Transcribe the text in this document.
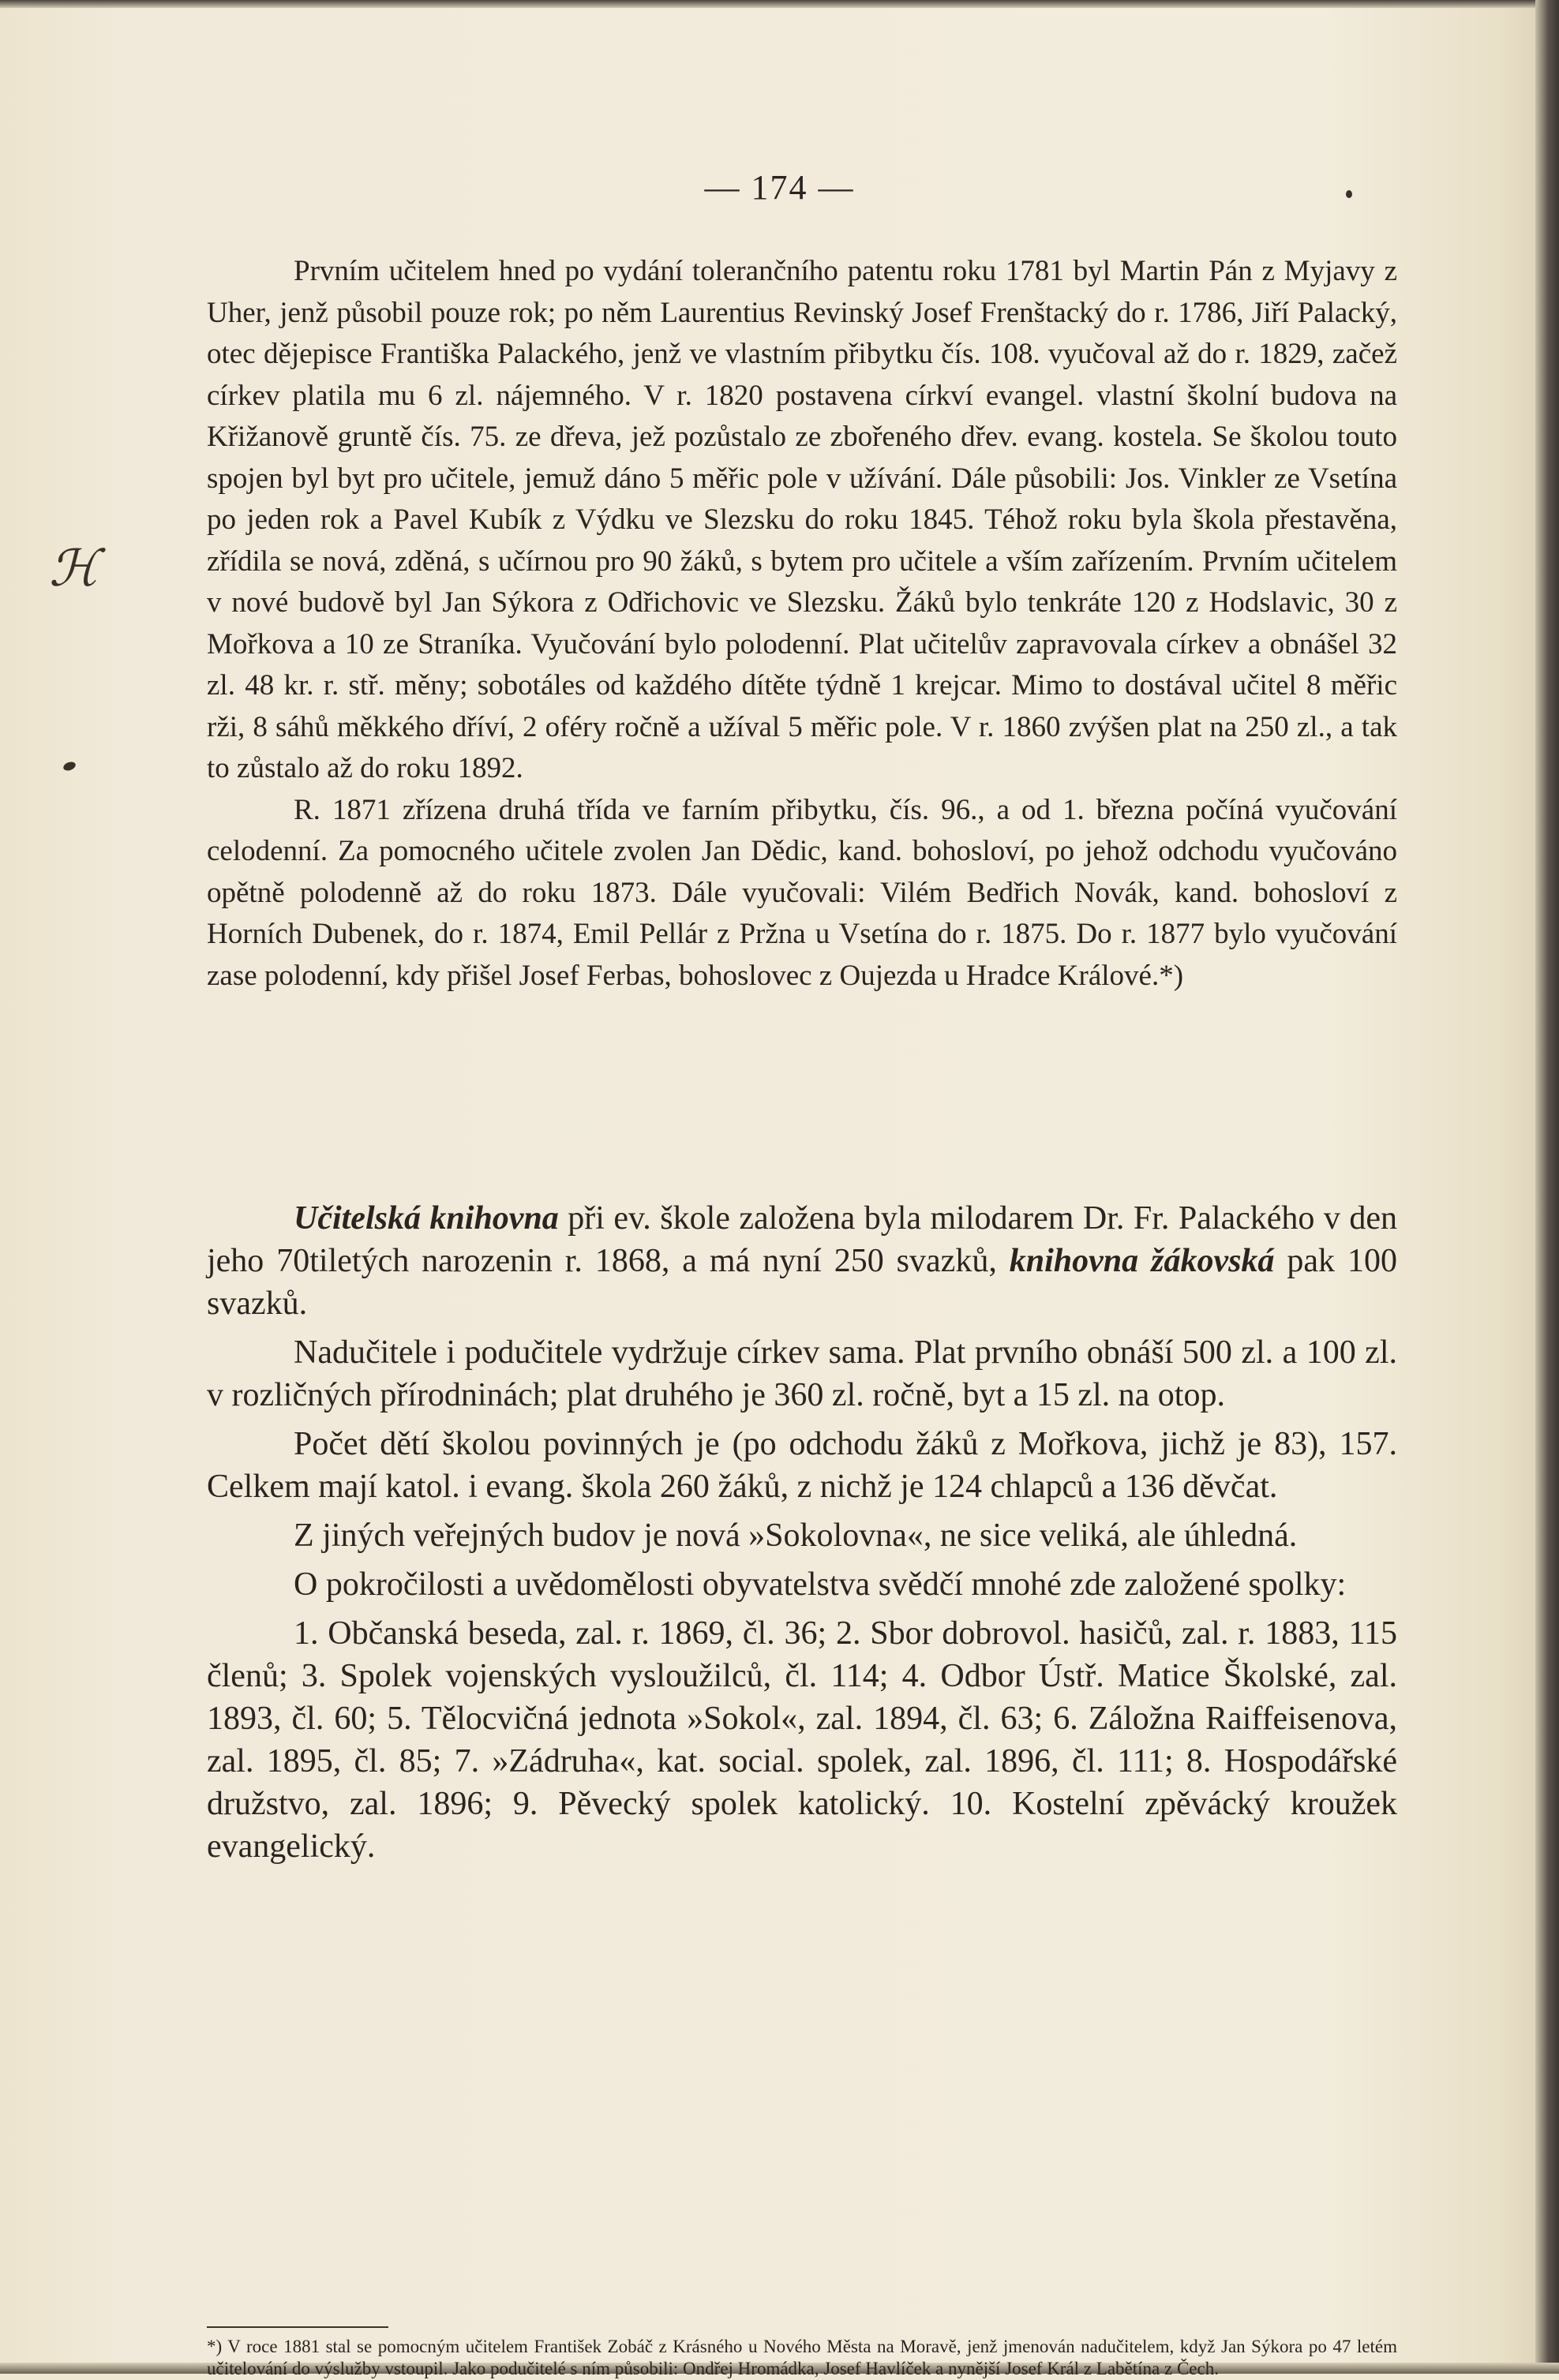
— 174 —
ℋ

Prvním učitelem hned po vydání tolerančního patentu roku 1781 byl Martin Pán z Myjavy z Uher, jenž působil pouze rok; po něm Laurentius Revinský Josef Frenštacký do r. 1786, Jiří Palacký, otec dějepisce Františka Palackého, jenž ve vlastním přibytku čís. 108. vyučoval až do r. 1829, začež církev platila mu 6 zl. nájemného. V r. 1820 postavena církví evangel. vlastní školní budova na Křižanově gruntě čís. 75. ze dřeva, jež pozůstalo ze zbořeného dřev. evang. kostela. Se školou touto spojen byl byt pro učitele, jemuž dáno 5 měřic pole v užívání. Dále působili: Jos. Vinkler ze Vsetína po jeden rok a Pavel Kubík z Výdku ve Slezsku do roku 1845. Téhož roku byla škola přestavěna, zřídila se nová, zděná, s učírnou pro 90 žáků, s bytem pro učitele a vším zařízením. Prvním učitelem v nové budově byl Jan Sýkora z Odřichovic ve Slezsku. Žáků bylo tenkráte 120 z Hodslavic, 30 z Mořkova a 10 ze Straníka. Vyučování bylo polodenní. Plat učitelův zapravovala církev a obnášel 32 zl. 48 kr. r. stř. měny; sobotáles od každého dítěte týdně 1 krejcar. Mimo to dostával učitel 8 měřic rži, 8 sáhů měkkého dříví, 2 oféry ročně a užíval 5 měřic pole. V r. 1860 zvýšen plat na 250 zl., a tak to zůstalo až do roku 1892.

R. 1871 zřízena druhá třída ve farním přibytku, čís. 96., a od 1. března počíná vyučování celodenní. Za pomocného učitele zvolen Jan Dědic, kand. bohosloví, po jehož odchodu vyučováno opětně polodenně až do roku 1873. Dále vyučovali: Vilém Bedřich Novák, kand. bohosloví z Horních Dubenek, do r. 1874, Emil Pellár z Pržna u Vsetína do r. 1875. Do r. 1877 bylo vyučování zase polodenní, kdy přišel Josef Ferbas, bohoslovec z Oujezda u Hradce Králové.*)

Učitelská knihovna při ev. škole založena byla milodarem Dr. Fr. Palackého v den jeho 70tiletých narozenin r. 1868, a má nyní 250 svazků, knihovna žákovská pak 100 svazků.

Nadučitele i podučitele vydržuje církev sama. Plat prvního obnáší 500 zl. a 100 zl. v rozličných přírodninách; plat druhého je 360 zl. ročně, byt a 15 zl. na otop.

Počet dětí školou povinných je (po odchodu žáků z Mořkova, jichž je 83), 157. Celkem mají katol. i evang. škola 260 žáků, z nichž je 124 chlapců a 136 děvčat.

Z jiných veřejných budov je nová »Sokolovna«, ne sice veliká, ale úhledná.

O pokročilosti a uvědomělosti obyvatelstva svědčí mnohé zde založené spolky:

1. Občanská beseda, zal. r. 1869, čl. 36; 2. Sbor dobrovol. hasičů, zal. r. 1883, 115 členů; 3. Spolek vojenských vysloužilců, čl. 114; 4. Odbor Ústř. Matice Školské, zal. 1893, čl. 60; 5. Tělocvičná jednota »Sokol«, zal. 1894, čl. 63; 6. Záložna Raiffeisenova, zal. 1895, čl. 85; 7. »Zádruha«, kat. social. spolek, zal. 1896, čl. 111; 8. Hospodářské družstvo, zal. 1896; 9. Pěvecký spolek katolický. 10. Kostelní zpěvácký kroužek evangelický.

*) V roce 1881 stal se pomocným učitelem František Zobáč z Krásného u Nového Města na Moravě, jenž jmenován nadučitelem, když Jan Sýkora po 47 letém učitelování do výslužby vstoupil. Jako podučitelé s ním působili: Ondřej Hromádka, Josef Havlíček a nynější Josef Král z Labětína z Čech.
